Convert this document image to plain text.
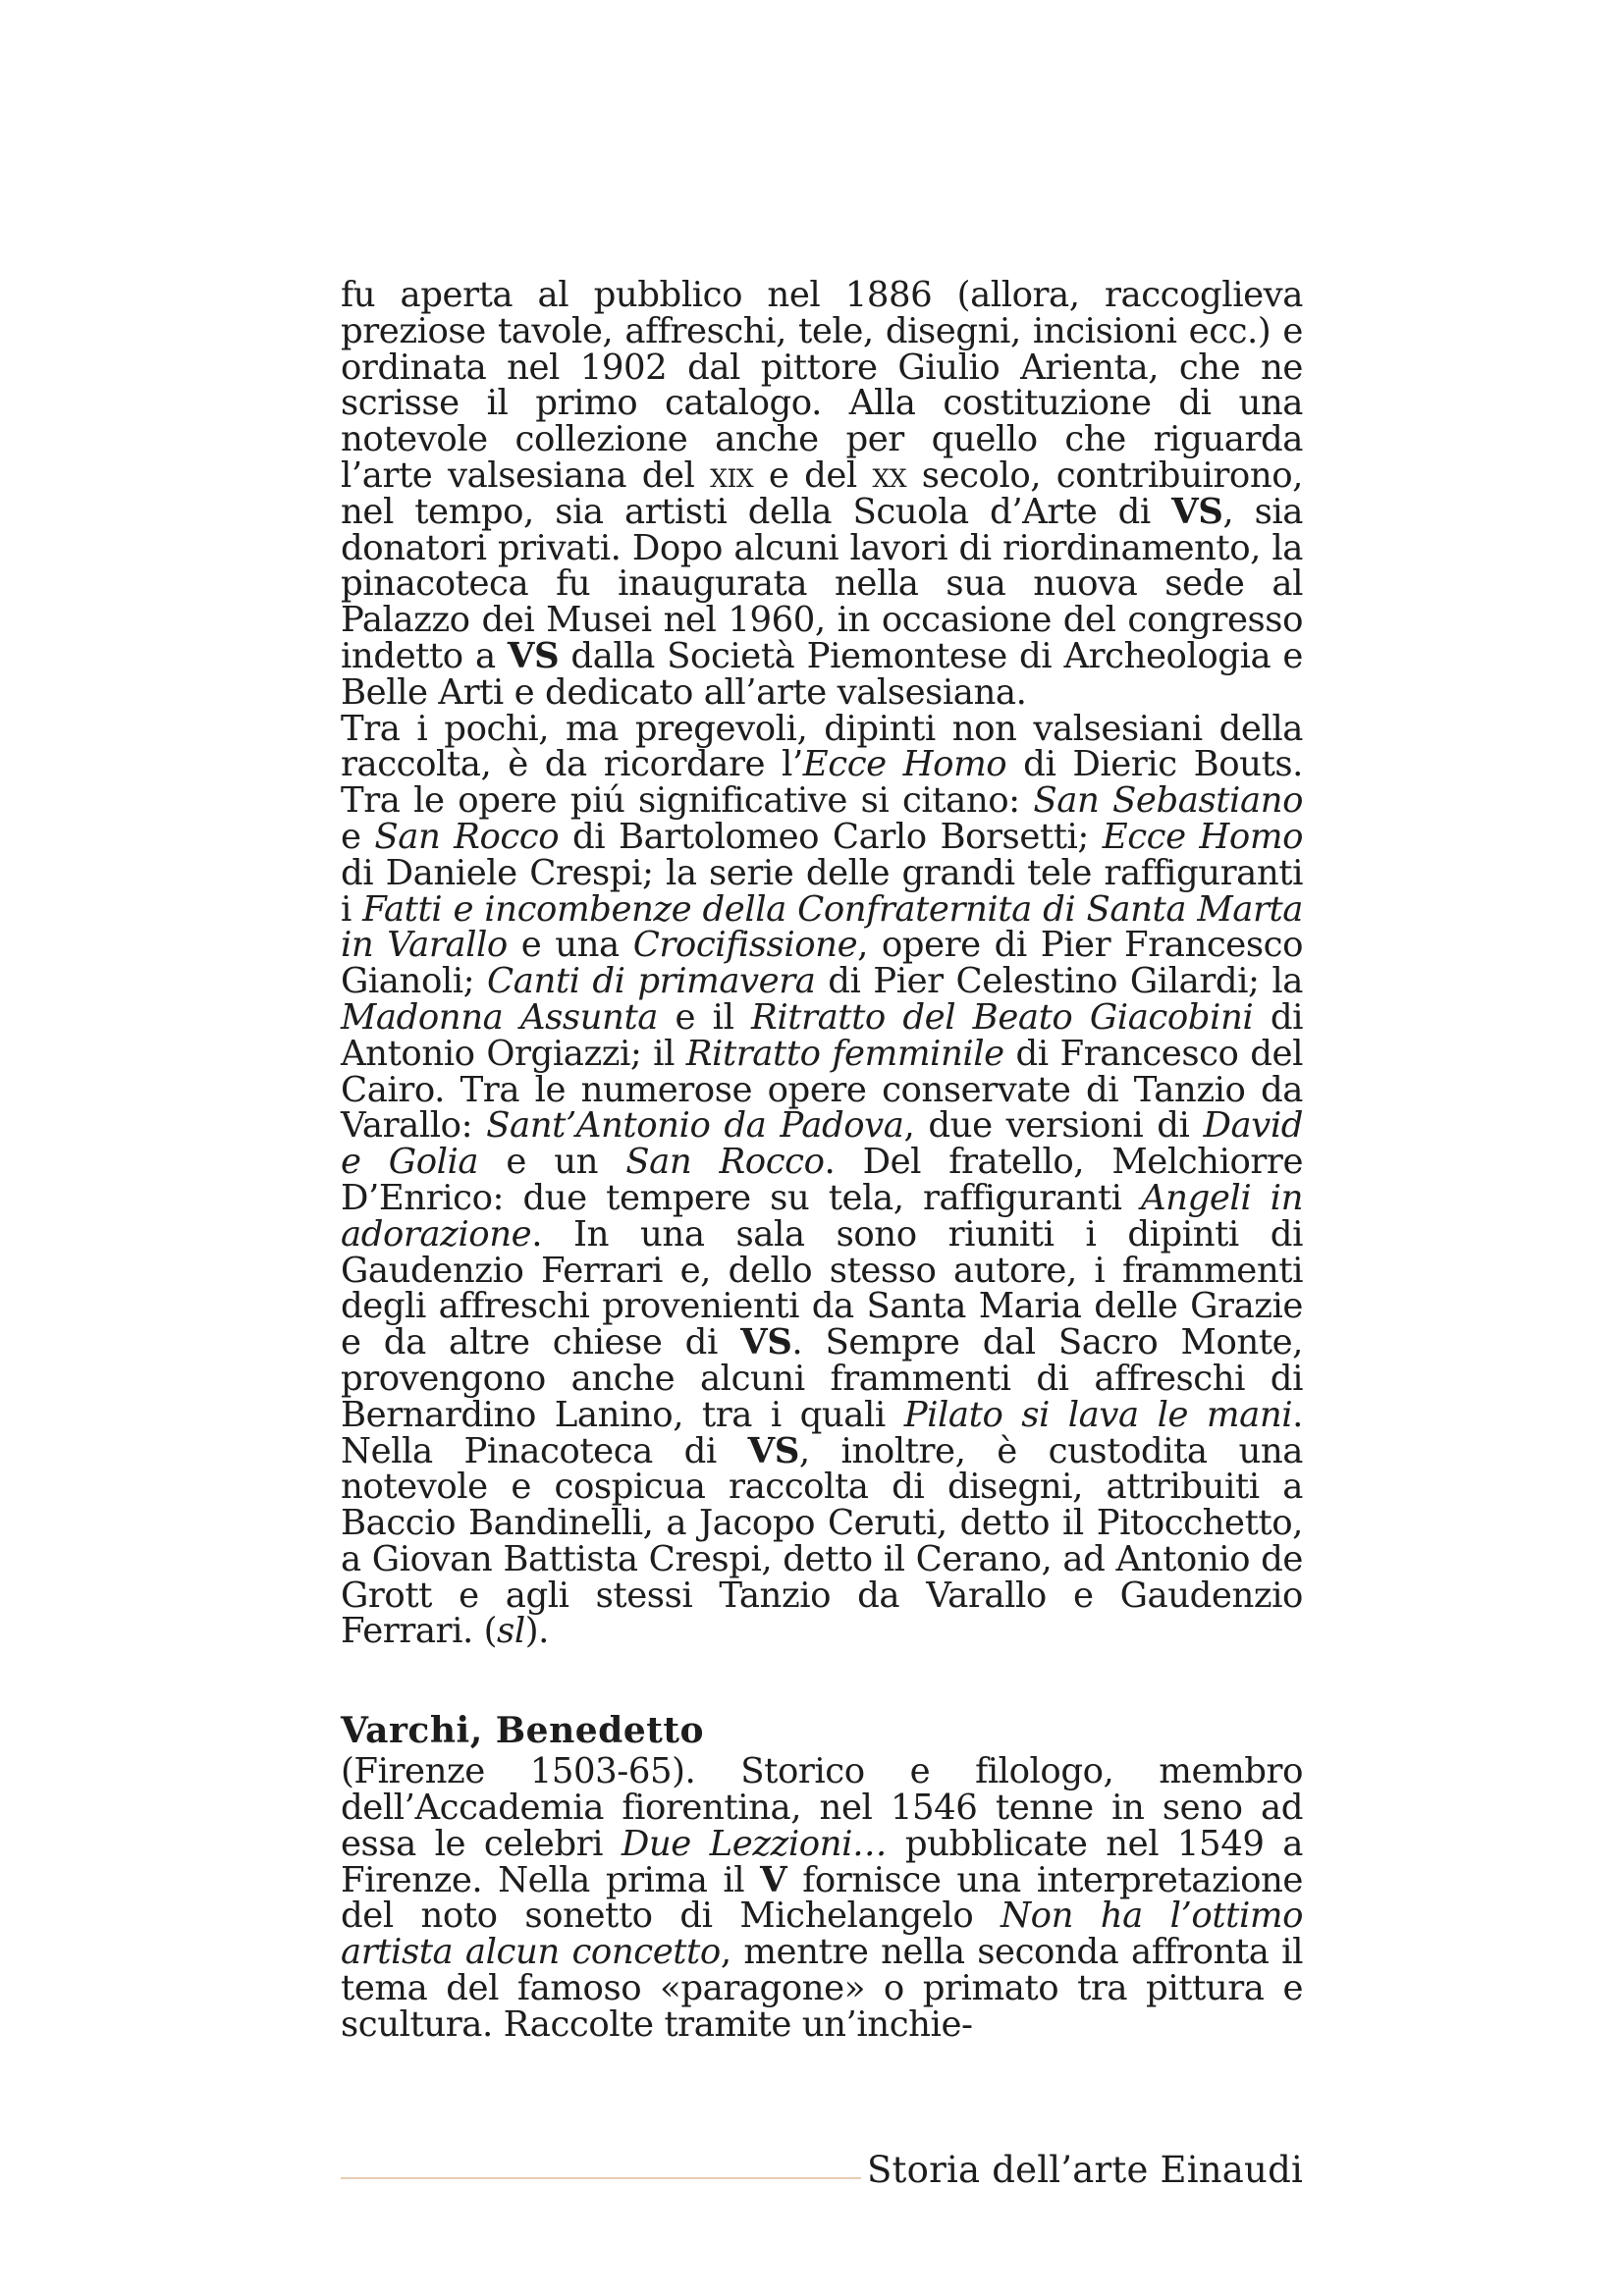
fu aperta al pubblico nel 1886 (allora, raccoglieva preziose tavole, affreschi, tele, disegni, incisioni ecc.) e ordinata nel 1902 dal pittore Giulio Arienta, che ne scrisse il primo catalogo. Alla costituzione di una notevole collezione anche per quello che riguarda l’arte valsesiana del xix e del xx secolo, contribuirono, nel tempo, sia artisti della Scuola d’Arte di VS, sia donatori privati. Dopo alcuni lavori di riordinamento, la pinacoteca fu inaugurata nella sua nuova sede al Palazzo dei Musei nel 1960, in occasione del congresso indetto a VS dalla Società Piemontese di Archeologia e Belle Arti e dedicato all’arte valsesiana.

Tra i pochi, ma pregevoli, dipinti non valsesiani della raccolta, è da ricordare l’Ecce Homo di Dieric Bouts. Tra le opere piú significative si citano: San Sebastiano e San Rocco di Bartolomeo Carlo Borsetti; Ecce Homo di Daniele Crespi; la serie delle grandi tele raffiguranti i Fatti e incombenze della Confraternita di Santa Marta in Varallo e una Crocifissione, opere di Pier Francesco Gianoli; Canti di primavera di Pier Celestino Gilardi; la Madonna Assunta e il Ritratto del Beato Giacobini di Antonio Orgiazzi; il Ritratto femminile di Francesco del Cairo. Tra le numerose opere conservate di Tanzio da Varallo: Sant’Antonio da Padova, due versioni di David e Golia e un San Rocco. Del fratello, Melchiorre D’Enrico: due tempere su tela, raffiguranti Angeli in adorazione. In una sala sono riuniti i dipinti di Gaudenzio Ferrari e, dello stesso autore, i frammenti degli affreschi provenienti da Santa Maria delle Grazie e da altre chiese di VS. Sempre dal Sacro Monte, provengono anche alcuni frammenti di affreschi di Bernardino Lanino, tra i quali Pilato si lava le mani. Nella Pinacoteca di VS, inoltre, è custodita una notevole e cospicua raccolta di disegni, attribuiti a Baccio Bandinelli, a Jacopo Ceruti, detto il Pitocchetto, a Giovan Battista Crespi, detto il Cerano, ad Antonio de Grott e agli stessi Tanzio da Varallo e Gaudenzio Ferrari. (sl).

Varchi, Benedetto

(Firenze 1503-65). Storico e filologo, membro dell’Accademia fiorentina, nel 1546 tenne in seno ad essa le celebri Due Lezzioni… pubblicate nel 1549 a Firenze. Nella prima il V fornisce una interpretazione del noto sonetto di Michelangelo Non ha l’ottimo artista alcun concetto, mentre nella seconda affronta il tema del famoso «paragone» o primato tra pittura e scultura. Raccolte tramite un’inchie-

Storia dell’arte Einaudi
